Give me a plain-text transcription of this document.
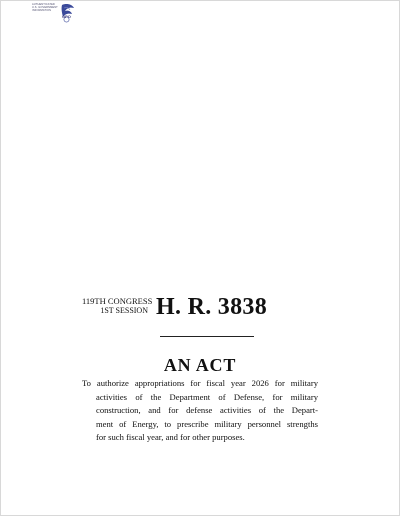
AUTHENTICATED
U.S. GOVERNMENT
INFORMATION
GPO
119TH CONGRESS
1ST SESSION H. R. 3838
AN ACT
To authorize appropriations for fiscal year 2026 for military
activities of the Department of Defense, for military
construction, and for defense activities of the Depart-
ment of Energy, to prescribe military personnel strengths
for such fiscal year, and for other purposes.
